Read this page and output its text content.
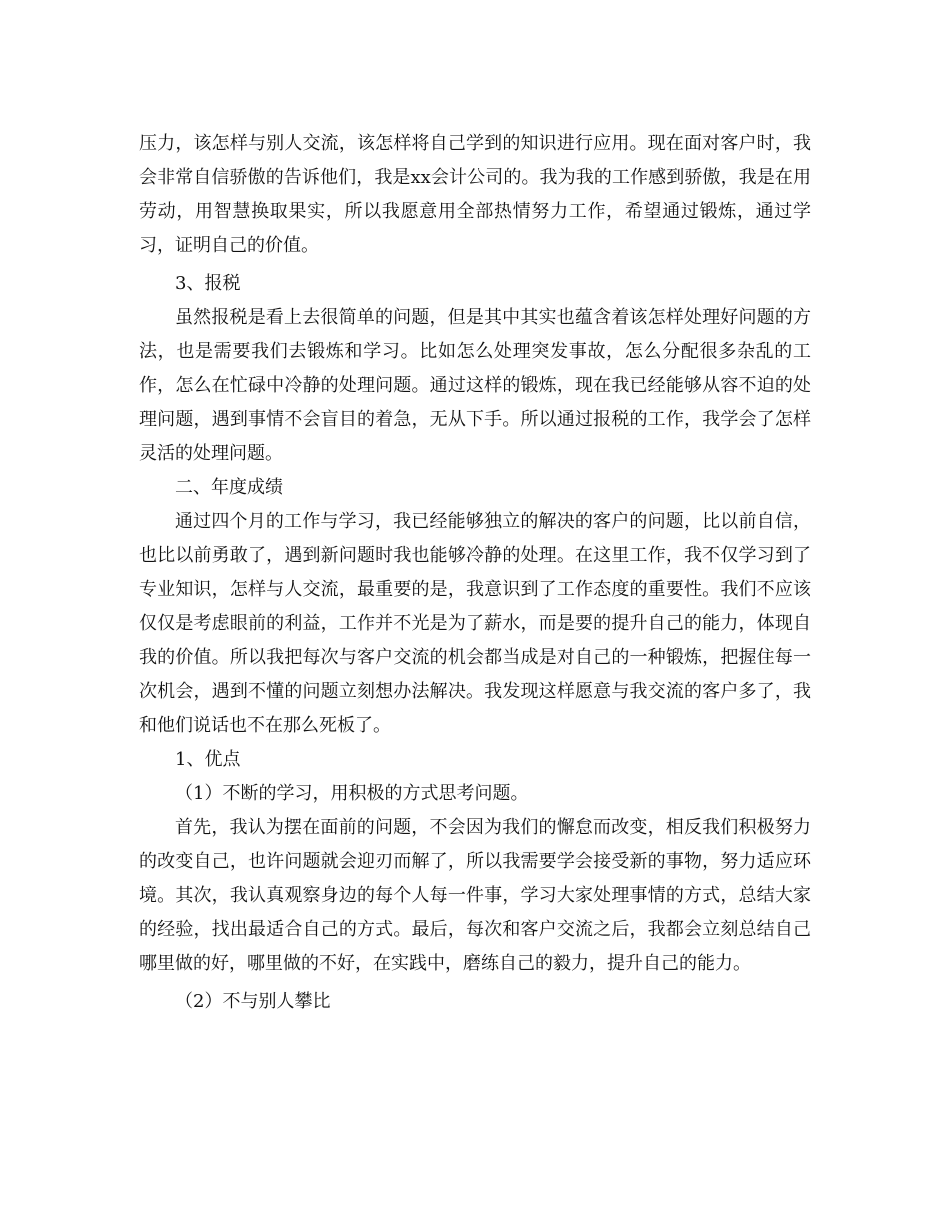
压力，该怎样与别人交流，该怎样将自己学到的知识进行应用。现在面对客户时，我会非常自信骄傲的告诉他们，我是xx会计公司的。我为我的工作感到骄傲，我是在用劳动，用智慧换取果实，所以我愿意用全部热情努力工作，希望通过锻炼，通过学习，证明自己的价值。

3、报税

虽然报税是看上去很简单的问题，但是其中其实也蕴含着该怎样处理好问题的方法，也是需要我们去锻炼和学习。比如怎么处理突发事故，怎么分配很多杂乱的工作，怎么在忙碌中冷静的处理问题。通过这样的锻炼，现在我已经能够从容不迫的处理问题，遇到事情不会盲目的着急，无从下手。所以通过报税的工作，我学会了怎样灵活的处理问题。

二、年度成绩

通过四个月的工作与学习，我已经能够独立的解决的客户的问题，比以前自信，也比以前勇敢了，遇到新问题时我也能够冷静的处理。在这里工作，我不仅学习到了专业知识，怎样与人交流，最重要的是，我意识到了工作态度的重要性。我们不应该仅仅是考虑眼前的利益，工作并不光是为了薪水，而是要的提升自己的能力，体现自我的价值。所以我把每次与客户交流的机会都当成是对自己的一种锻炼，把握住每一次机会，遇到不懂的问题立刻想办法解决。我发现这样愿意与我交流的客户多了，我和他们说话也不在那么死板了。

1、优点

（1）不断的学习，用积极的方式思考问题。

首先，我认为摆在面前的问题，不会因为我们的懈怠而改变，相反我们积极努力的改变自己，也许问题就会迎刃而解了，所以我需要学会接受新的事物，努力适应环境。其次，我认真观察身边的每个人每一件事，学习大家处理事情的方式，总结大家的经验，找出最适合自己的方式。最后，每次和客户交流之后，我都会立刻总结自己哪里做的好，哪里做的不好，在实践中，磨练自己的毅力，提升自己的能力。

（2）不与别人攀比
